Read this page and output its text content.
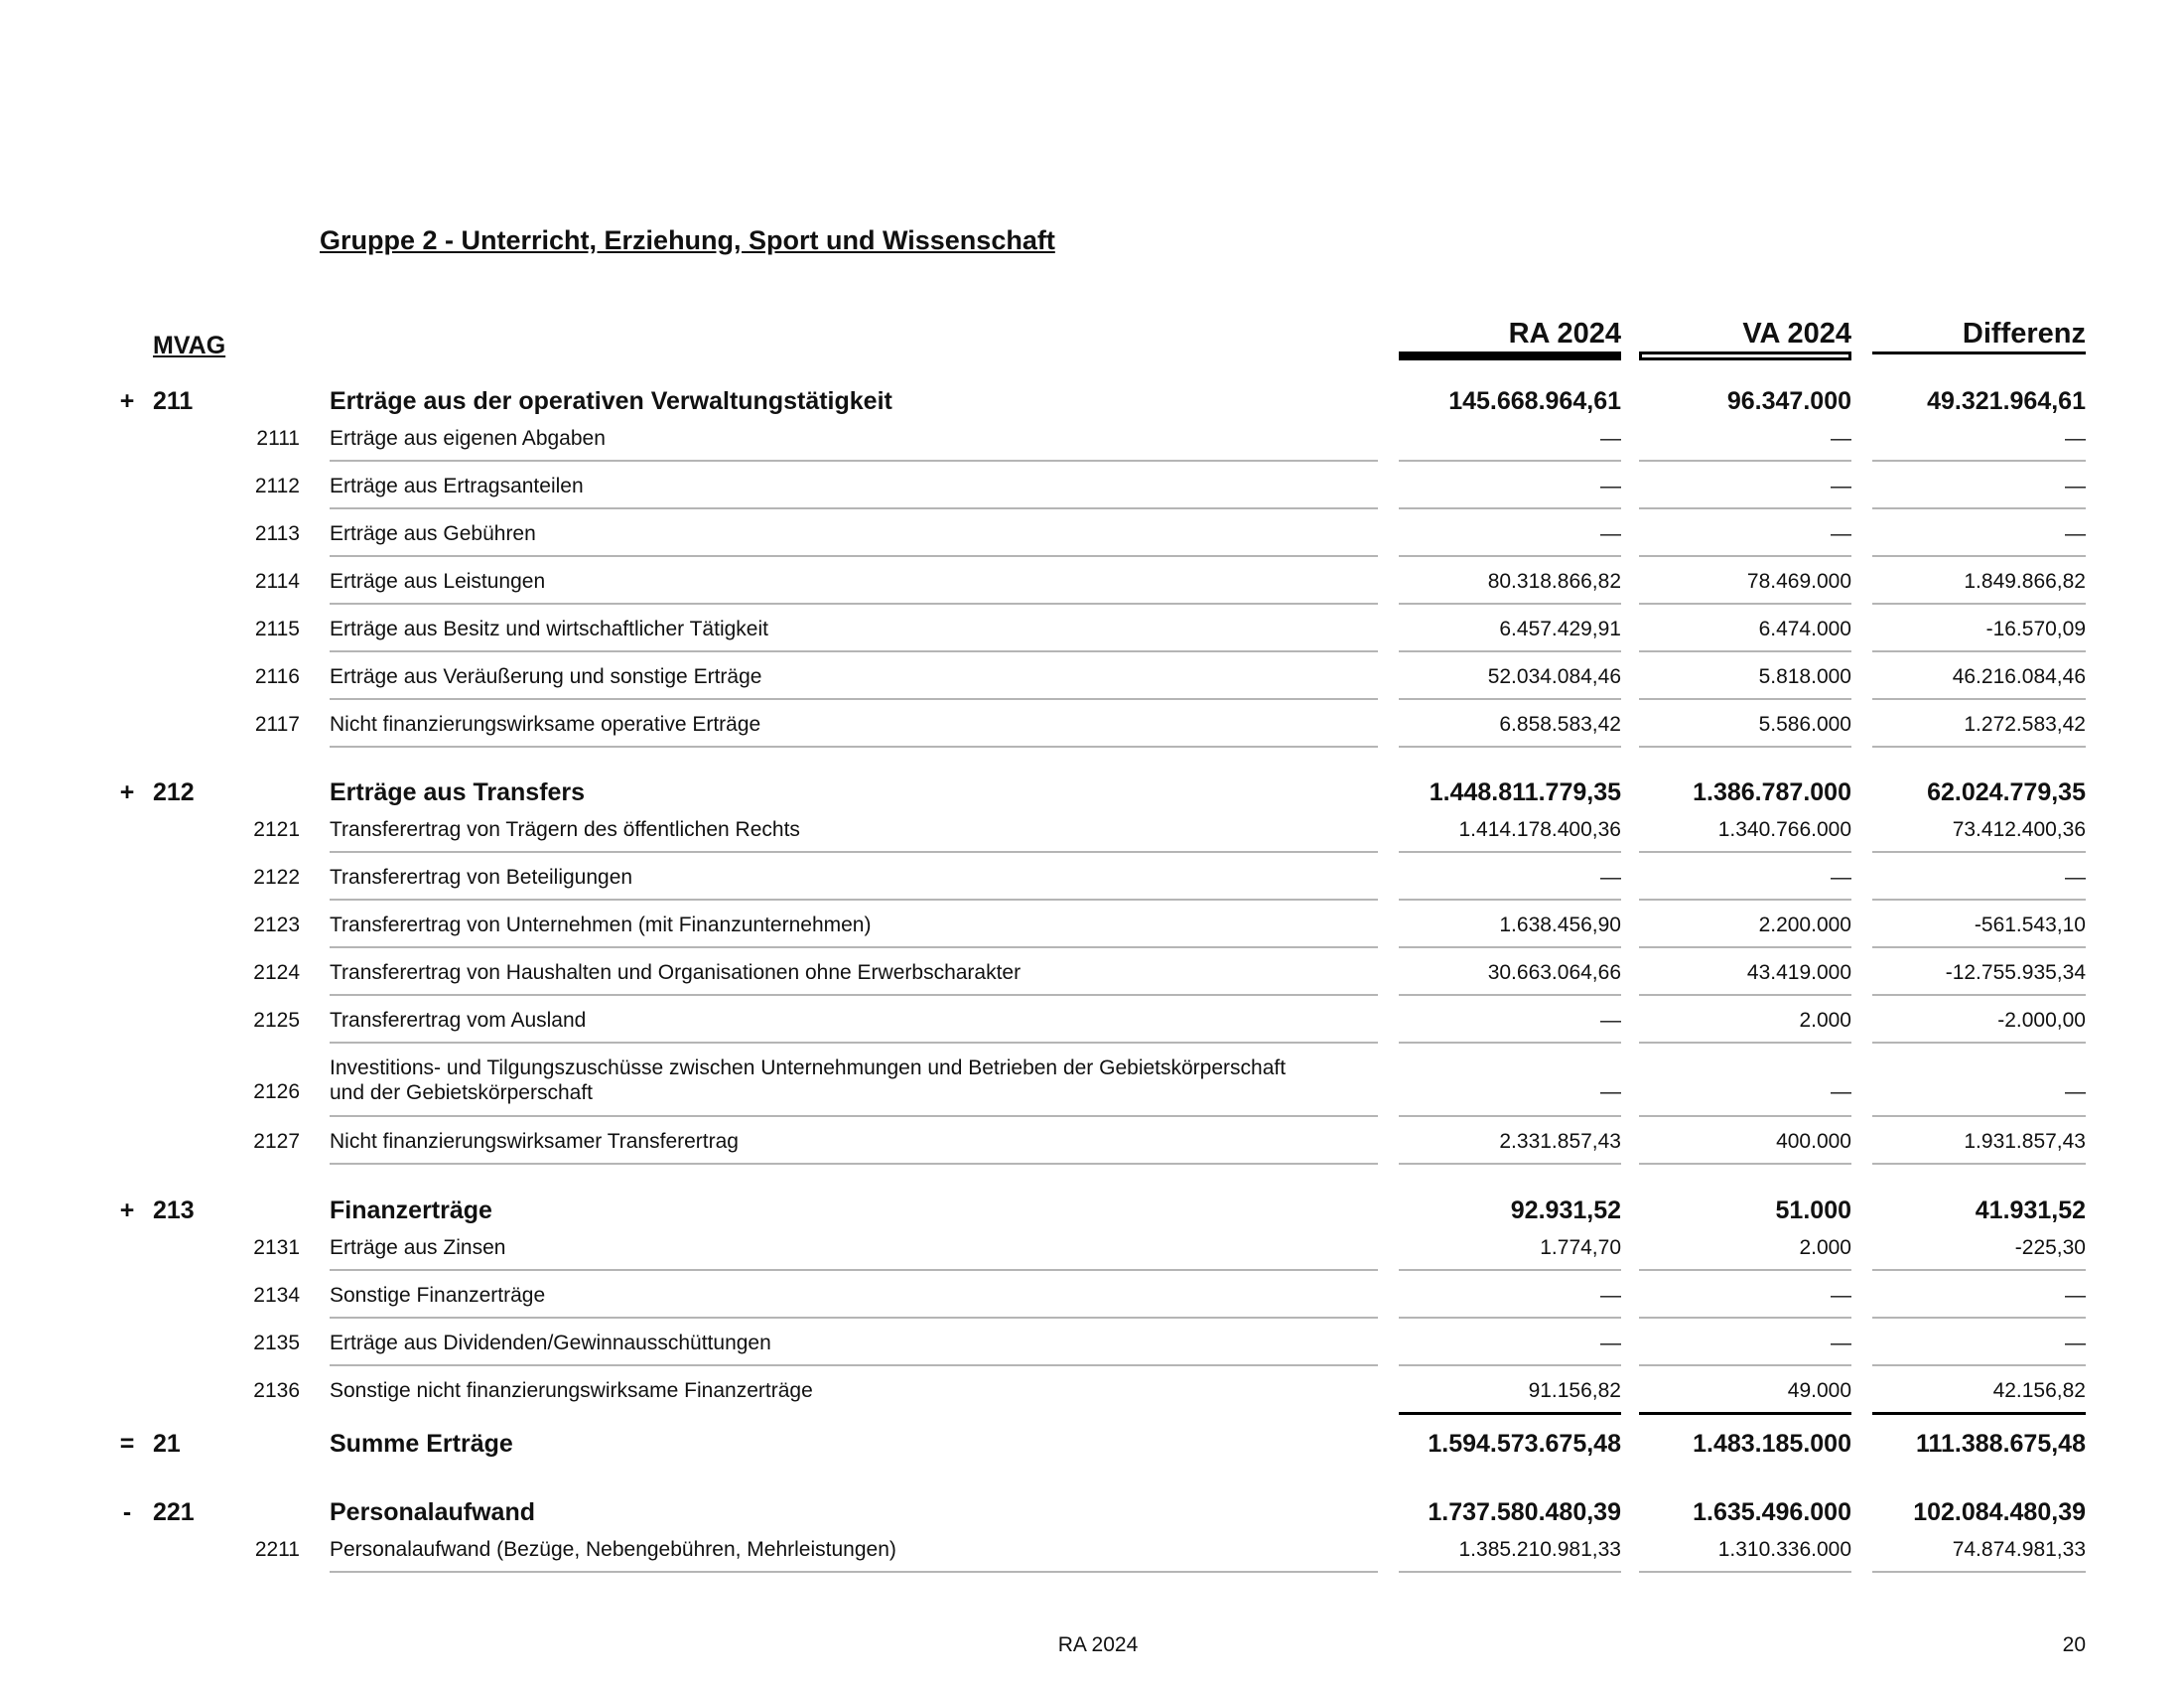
Gruppe 2 - Unterricht, Erziehung, Sport und Wissenschaft
MVAG	RA 2024	VA 2024	Differenz
+ 211	Erträge aus der operativen Verwaltungstätigkeit	145.668.964,61	96.347.000	49.321.964,61
2111 Erträge aus eigenen Abgaben	—	—	—
2112 Erträge aus Ertragsanteilen	—	—	—
2113 Erträge aus Gebühren	—	—	—
2114 Erträge aus Leistungen	80.318.866,82	78.469.000	1.849.866,82
2115 Erträge aus Besitz und wirtschaftlicher Tätigkeit	6.457.429,91	6.474.000	-16.570,09
2116 Erträge aus Veräußerung und sonstige Erträge	52.034.084,46	5.818.000	46.216.084,46
2117 Nicht finanzierungswirksame operative Erträge	6.858.583,42	5.586.000	1.272.583,42
+ 212	Erträge aus Transfers	1.448.811.779,35	1.386.787.000	62.024.779,35
2121 Transferertrag von Trägern des öffentlichen Rechts	1.414.178.400,36	1.340.766.000	73.412.400,36
2122 Transferertrag von Beteiligungen	—	—	—
2123 Transferertrag von Unternehmen (mit Finanzunternehmen)	1.638.456,90	2.200.000	-561.543,10
2124 Transferertrag von Haushalten und Organisationen ohne Erwerbscharakter	30.663.064,66	43.419.000	-12.755.935,34
2125 Transferertrag vom Ausland	—	2.000	-2.000,00
2126
Investitions- und Tilgungszuschüsse zwischen Unternehmungen und Betrieben der Gebietskörperschaft
und der Gebietskörperschaft	—	—	—
2127 Nicht finanzierungswirksamer Transferertrag	2.331.857,43	400.000	1.931.857,43
+ 213	Finanzerträge	92.931,52	51.000	41.931,52
2131 Erträge aus Zinsen	1.774,70	2.000	-225,30
2134 Sonstige Finanzerträge	—	—	—
2135 Erträge aus Dividenden/Gewinnausschüttungen	—	—	—
2136 Sonstige nicht finanzierungswirksame Finanzerträge	91.156,82	49.000	42.156,82
= 21	Summe Erträge	1.594.573.675,48	1.483.185.000	111.388.675,48
- 221	Personalaufwand	1.737.580.480,39	1.635.496.000	102.084.480,39
2211 Personalaufwand (Bezüge, Nebengebühren, Mehrleistungen)	1.385.210.981,33	1.310.336.000	74.874.981,33
RA 2024	20
